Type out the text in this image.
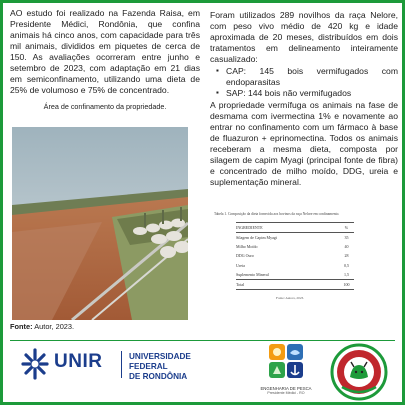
AO estudo foi realizado na Fazenda Raisa, em Presidente Médici, Rondônia, que confina animais há cinco anos, com capacidade para três mil animais, divididos em piquetes de cerca de 150. As avaliações ocorreram entre junho e setembro de 2023, com adaptação em 21 dias em semiconfinamento, utilizando uma dieta de 25% de volumoso e 75% de concentrado.

Área de confinamento da propriedade.

Fonte: Autor, 2023.

Foram utilizados 289 novilhos da raça Nelore, com peso vivo médio de 420 kg e idade aproximada de 20 meses, distribuídos em dois tratamentos em delineamento inteiramente casualizado:

▪ CAP: 145 bois vermifugados com endoparasitas
▪ SAP: 144 bois não vermifugados

A propriedade vermífuga os animais na fase de desmama com ivermectina 1% e novamente ao entrar no confinamento com um fármaco à base de fluazuron + eprinomectina. Todos os animais receberam a mesma dieta, composta por silagem de capim Myagi (principal fonte de fibra) e concentrado de milho moído, DDG, ureia e suplementação mineral.

Tabela 1. Composição da dieta fornecida aos bovinos da raça Nelore em confinamento.

INGREDIENTE	%
Silagem de Capim Myagi	35
Milho Moído	40
DDG Ouro	28
Ureia	0,5
Suplemento Mineral	1,5
Total	100

Fonte: Autora, 2023.

UNIR	UNIVERSIDADE FEDERAL
DE RONDÔNIA
ENGENHARIA DE PESCA
Presidente Médici - RO
